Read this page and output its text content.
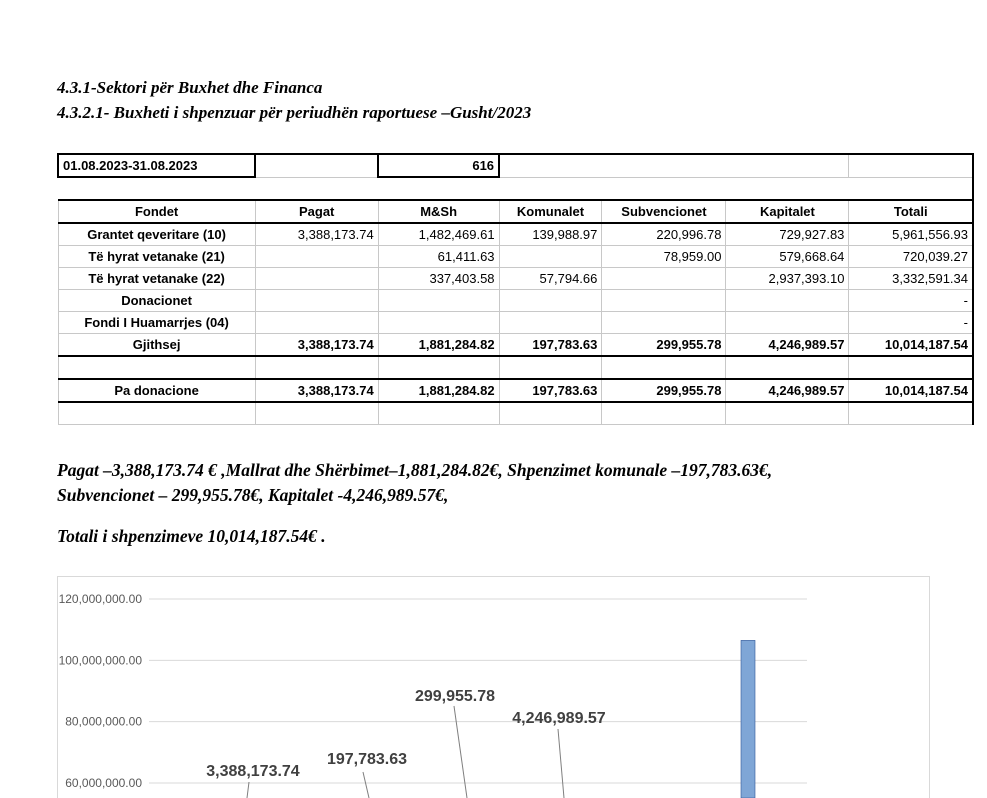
4.3.1-Sektori për Buxhet dhe Financa

4.3.2.1- Buxheti i shpenzuar për periudhën raportuese –Gusht/2023

01.08.2023-31.08.2023		616				

Fondet	Pagat	M&Sh	Komunalet	Subvencionet	Kapitalet	Totali
Grantet qeveritare (10)	3,388,173.74	1,482,469.61	139,988.97	220,996.78	729,927.83	5,961,556.93
Të hyrat vetanake (21)		61,411.63		78,959.00	579,668.64	720,039.27
Të hyrat vetanake (22)		337,403.58	57,794.66		2,937,393.10	3,332,591.34
Donacionet						-
Fondi I Huamarrjes (04)						-
Gjithsej	3,388,173.74	1,881,284.82	197,783.63	299,955.78	4,246,989.57	10,014,187.54

Pa donacione	3,388,173.74	1,881,284.82	197,783.63	299,955.78	4,246,989.57	10,014,187.54

Pagat –3,388,173.74 € ,Mallrat dhe Shërbimet–1,881,284.82€, Shpenzimet komunale –197,783.63€,
Subvencionet – 299,955.78€, Kapitalet -4,246,989.57€,

Totali i shpenzimeve 10,014,187.54€ .

120,000,000.00
100,000,000.00
80,000,000.00
60,000,000.00
3,388,173.74
197,783.63
299,955.78
4,246,989.57
